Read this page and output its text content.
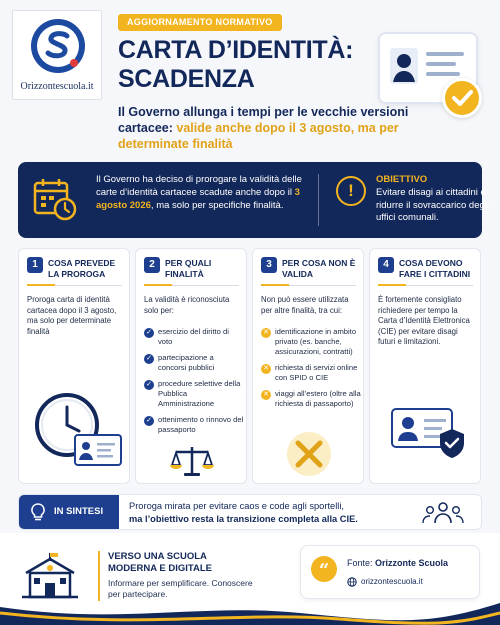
Orizzontescuola.it
AGGIORNAMENTO NORMATIVO
CARTA D’IDENTITÀ: SCADENZA
Il Governo allunga i tempi per le vecchie versioni cartacee: valide anche dopo il 3 agosto, ma per determinate finalità
Il Governo ha deciso di prorogare la validità delle carte d’identità cartacee scadute anche dopo il 3 agosto 2026, ma solo per specifiche finalità.
!
OBIETTIVO
Evitare disagi ai cittadini e ridurre il sovraccarico degli uffici comunali.
1	COSA PREVEDE LA PROROGA
Proroga carta di identità cartacea dopo il 3 agosto, ma solo per determinate finalità
2	PER QUALI FINALITÀ
La validità è riconosciuta solo per:
✓ esercizio del diritto di voto
✓ partecipazione a concorsi pubblici
✓ procedure selettive della Pubblica Amministrazione
✓ ottenimento o rinnovo del passaporto
3	PER COSA NON È VALIDA
Non può essere utilizzata per altre finalità, tra cui:
✕ identificazione in ambito privato (es. banche, assicurazioni, contratti)
✕ richiesta di servizi online con SPID o CIE
✕ viaggi all’estero (oltre alla richiesta di passaporto)
4	COSA DEVONO FARE I CITTADINI
È fortemente consigliato richiedere per tempo la Carta d’Identità Elettronica (CIE) per evitare disagi futuri e limitazioni.
IN SINTESI	Proroga mirata per evitare caos e code agli sportelli,
ma l’obiettivo resta la transizione completa alla CIE.
VERSO UNA SCUOLA MODERNA E DIGITALE
Informare per semplificare. Conoscere per partecipare.
“	Fonte: Orizzonte Scuola
orizzontescuola.it
